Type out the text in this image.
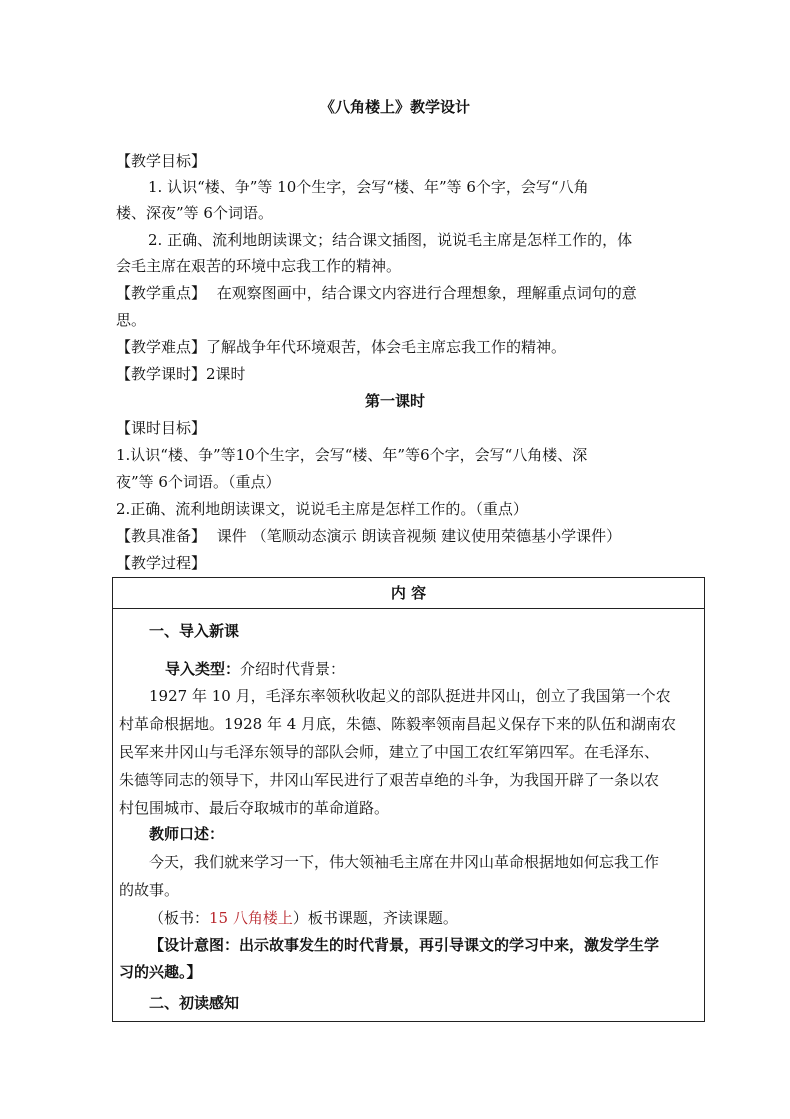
《八角楼上》教学设计
【教学目标】
1. 认识“楼、争”等 10个生字，会写“楼、年”等 6个字，会写“八角
楼、深夜”等 6个词语。
2. 正确、流利地朗读课文；结合课文插图，说说毛主席是怎样工作的，体
会毛主席在艰苦的环境中忘我工作的精神。
【教学重点】 在观察图画中，结合课文内容进行合理想象，理解重点词句的意
思。
【教学难点】了解战争年代环境艰苦，体会毛主席忘我工作的精神。
【教学课时】2课时
第一课时
【课时目标】
1.认识“楼、争”等10个生字，会写“楼、年”等6个字，会写“八角楼、深
夜”等 6个词语。（重点）
2.正确、流利地朗读课文，说说毛主席是怎样工作的。（重点）
【教具准备】 课件 （笔顺动态演示 朗读音视频 建议使用荣德基小学课件）
【教学过程】
内 容
一、导入新课
导入类型：介绍时代背景：
1927 年 10 月，毛泽东率领秋收起义的部队挺进井冈山，创立了我国第一个农
村革命根据地。1928 年 4 月底，朱德、陈毅率领南昌起义保存下来的队伍和湖南农
民军来井冈山与毛泽东领导的部队会师，建立了中国工农红军第四军。在毛泽东、
朱德等同志的领导下，井冈山军民进行了艰苦卓绝的斗争，为我国开辟了一条以农
村包围城市、最后夺取城市的革命道路。
教师口述：
今天，我们就来学习一下，伟大领袖毛主席在井冈山革命根据地如何忘我工作
的故事。
（板书：15 八角楼上）板书课题，齐读课题。
【设计意图：出示故事发生的时代背景，再引导课文的学习中来，激发学生学
习的兴趣。】
二、初读感知
